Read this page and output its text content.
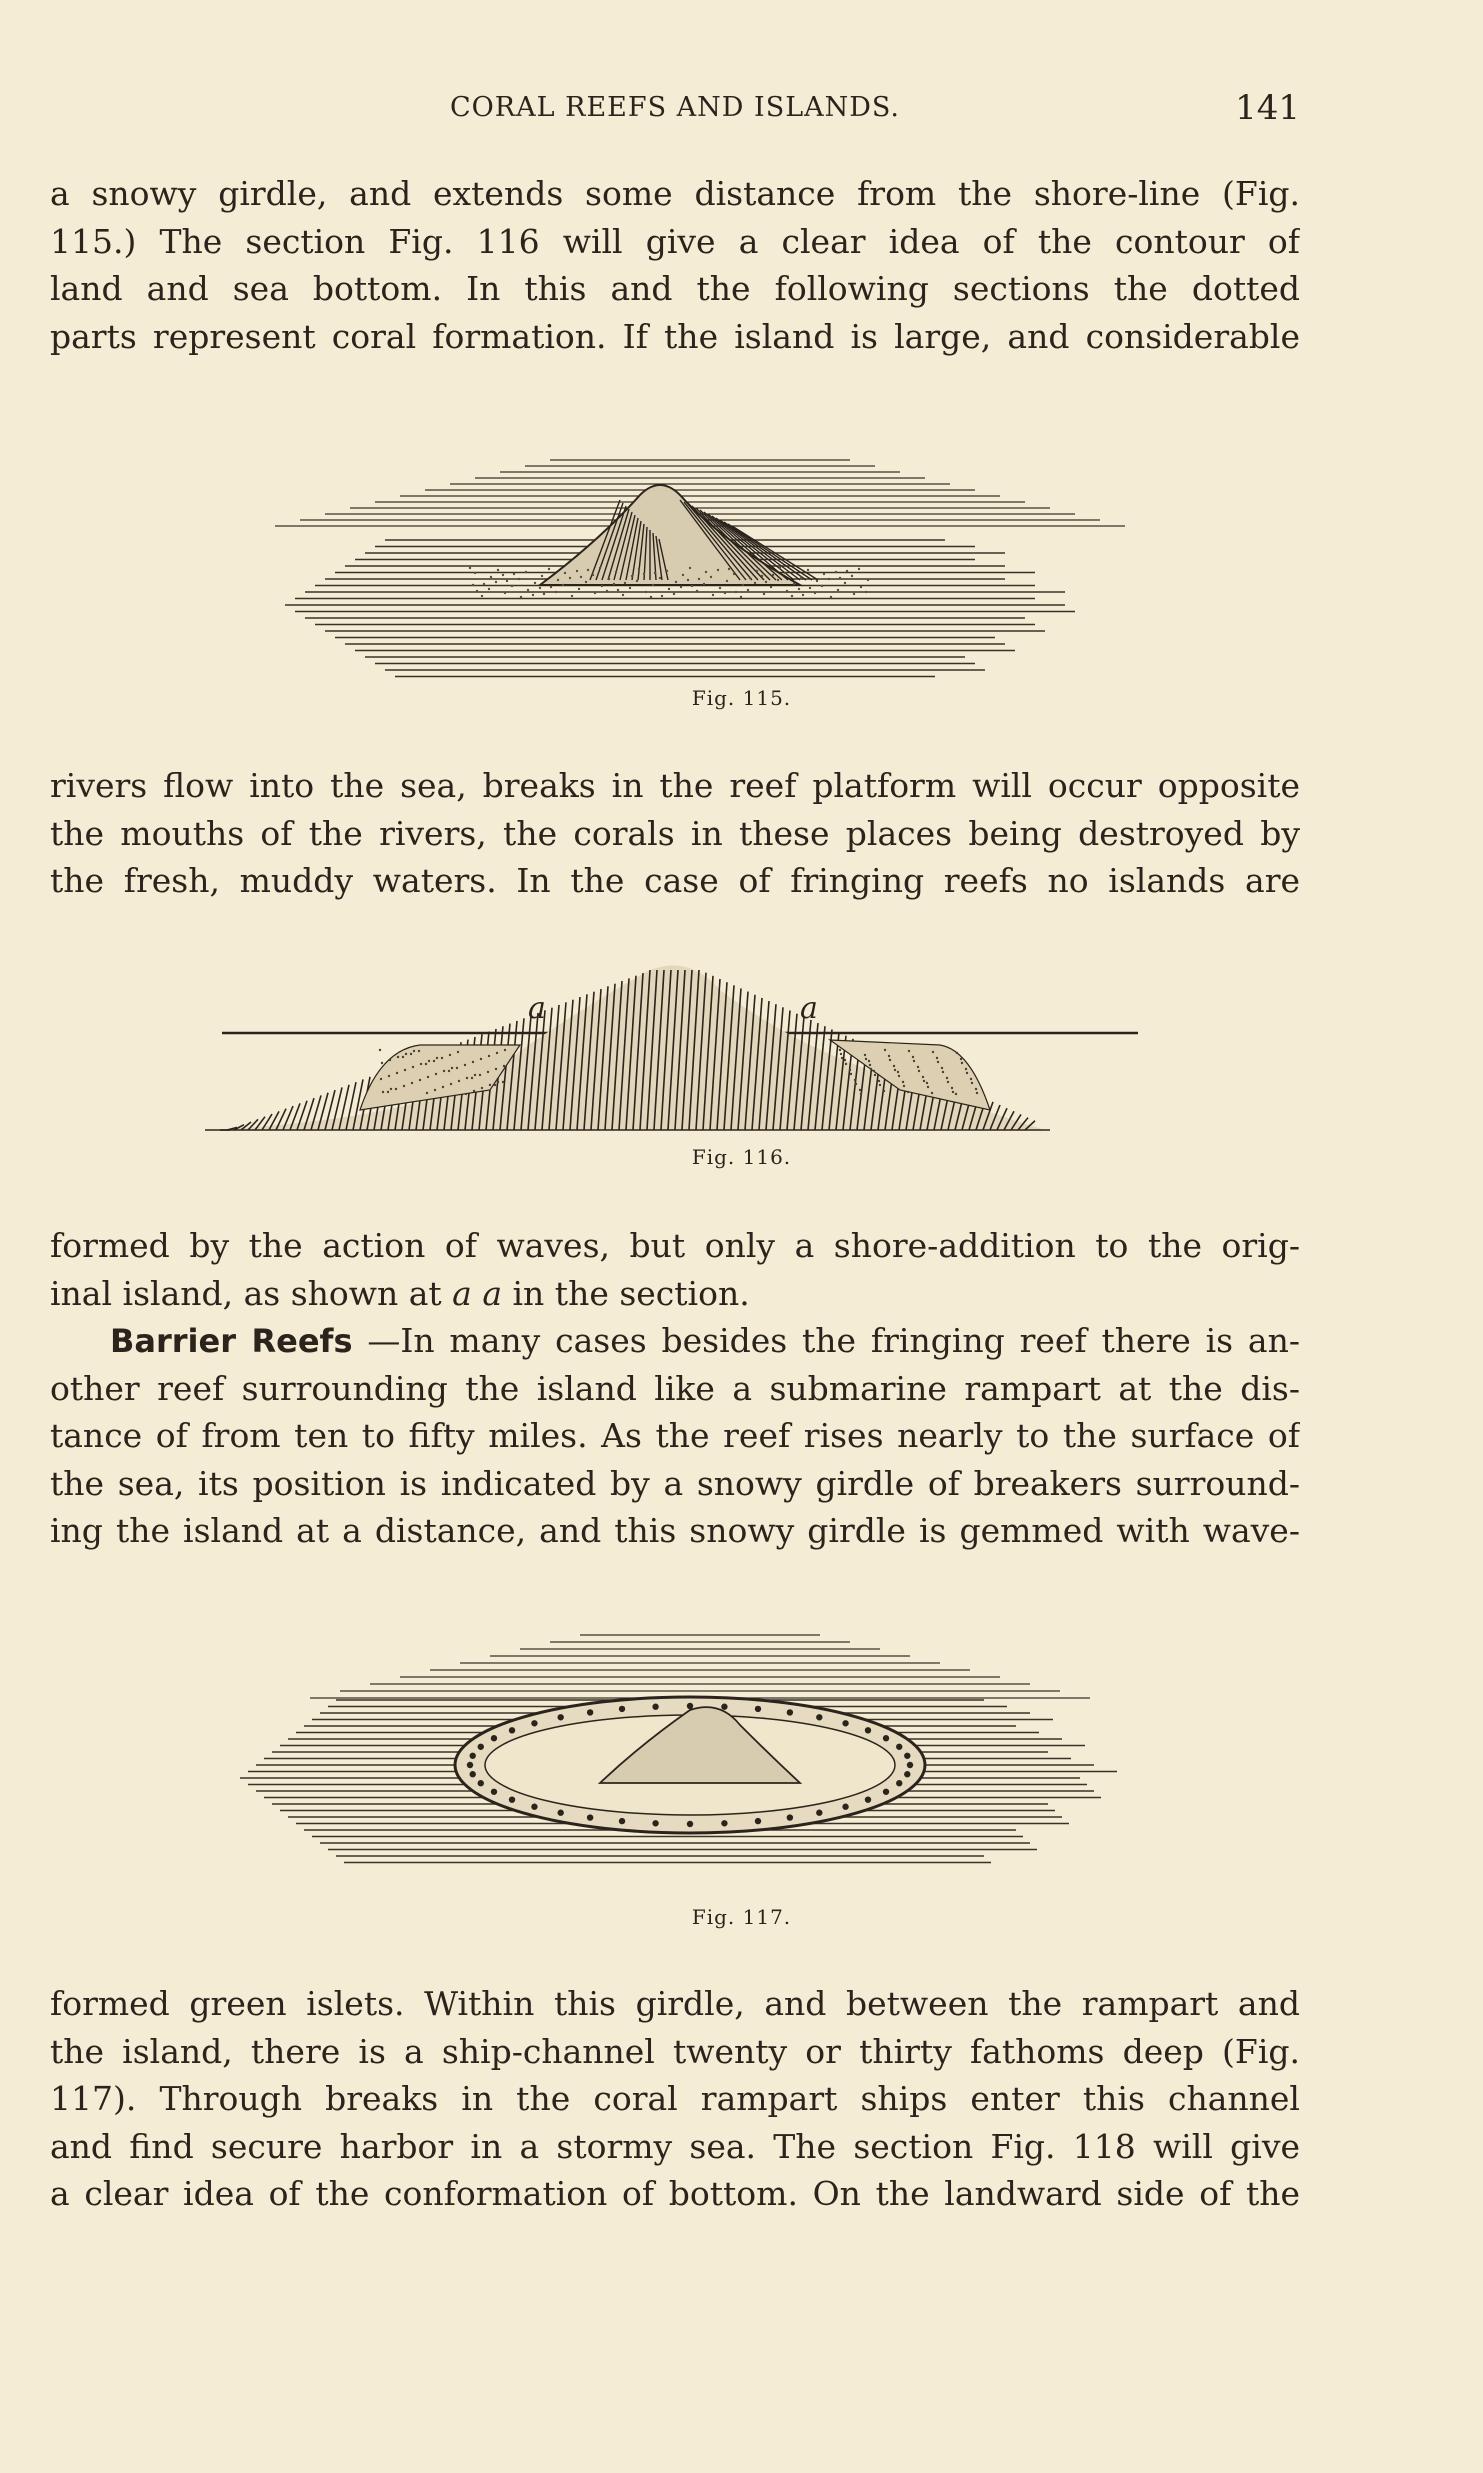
CORAL REEFS AND ISLANDS.	141
a snowy girdle, and extends some distance from the shore-line (Fig.
115.) The section Fig. 116 will give a clear idea of the contour of
land and sea bottom. In this and the following sections the dotted
parts represent coral formation. If the island is large, and considerable
Fig. 115.
rivers flow into the sea, breaks in the reef platform will occur opposite
the mouths of the rivers, the corals in these places being destroyed by
the fresh, muddy waters. In the case of fringing reefs no islands are
a	a
Fig. 116.
formed by the action of waves, but only a shore-addition to the orig-
inal island, as shown at a a in the section.
Barrier Reefs —In many cases besides the fringing reef there is an-
other reef surrounding the island like a submarine rampart at the dis-
tance of from ten to fifty miles. As the reef rises nearly to the surface of
the sea, its position is indicated by a snowy girdle of breakers surround-
ing the island at a distance, and this snowy girdle is gemmed with wave-
Fig. 117.
formed green islets. Within this girdle, and between the rampart and
the island, there is a ship-channel twenty or thirty fathoms deep (Fig.
117). Through breaks in the coral rampart ships enter this channel
and find secure harbor in a stormy sea. The section Fig. 118 will give
a clear idea of the conformation of bottom. On the landward side of the
